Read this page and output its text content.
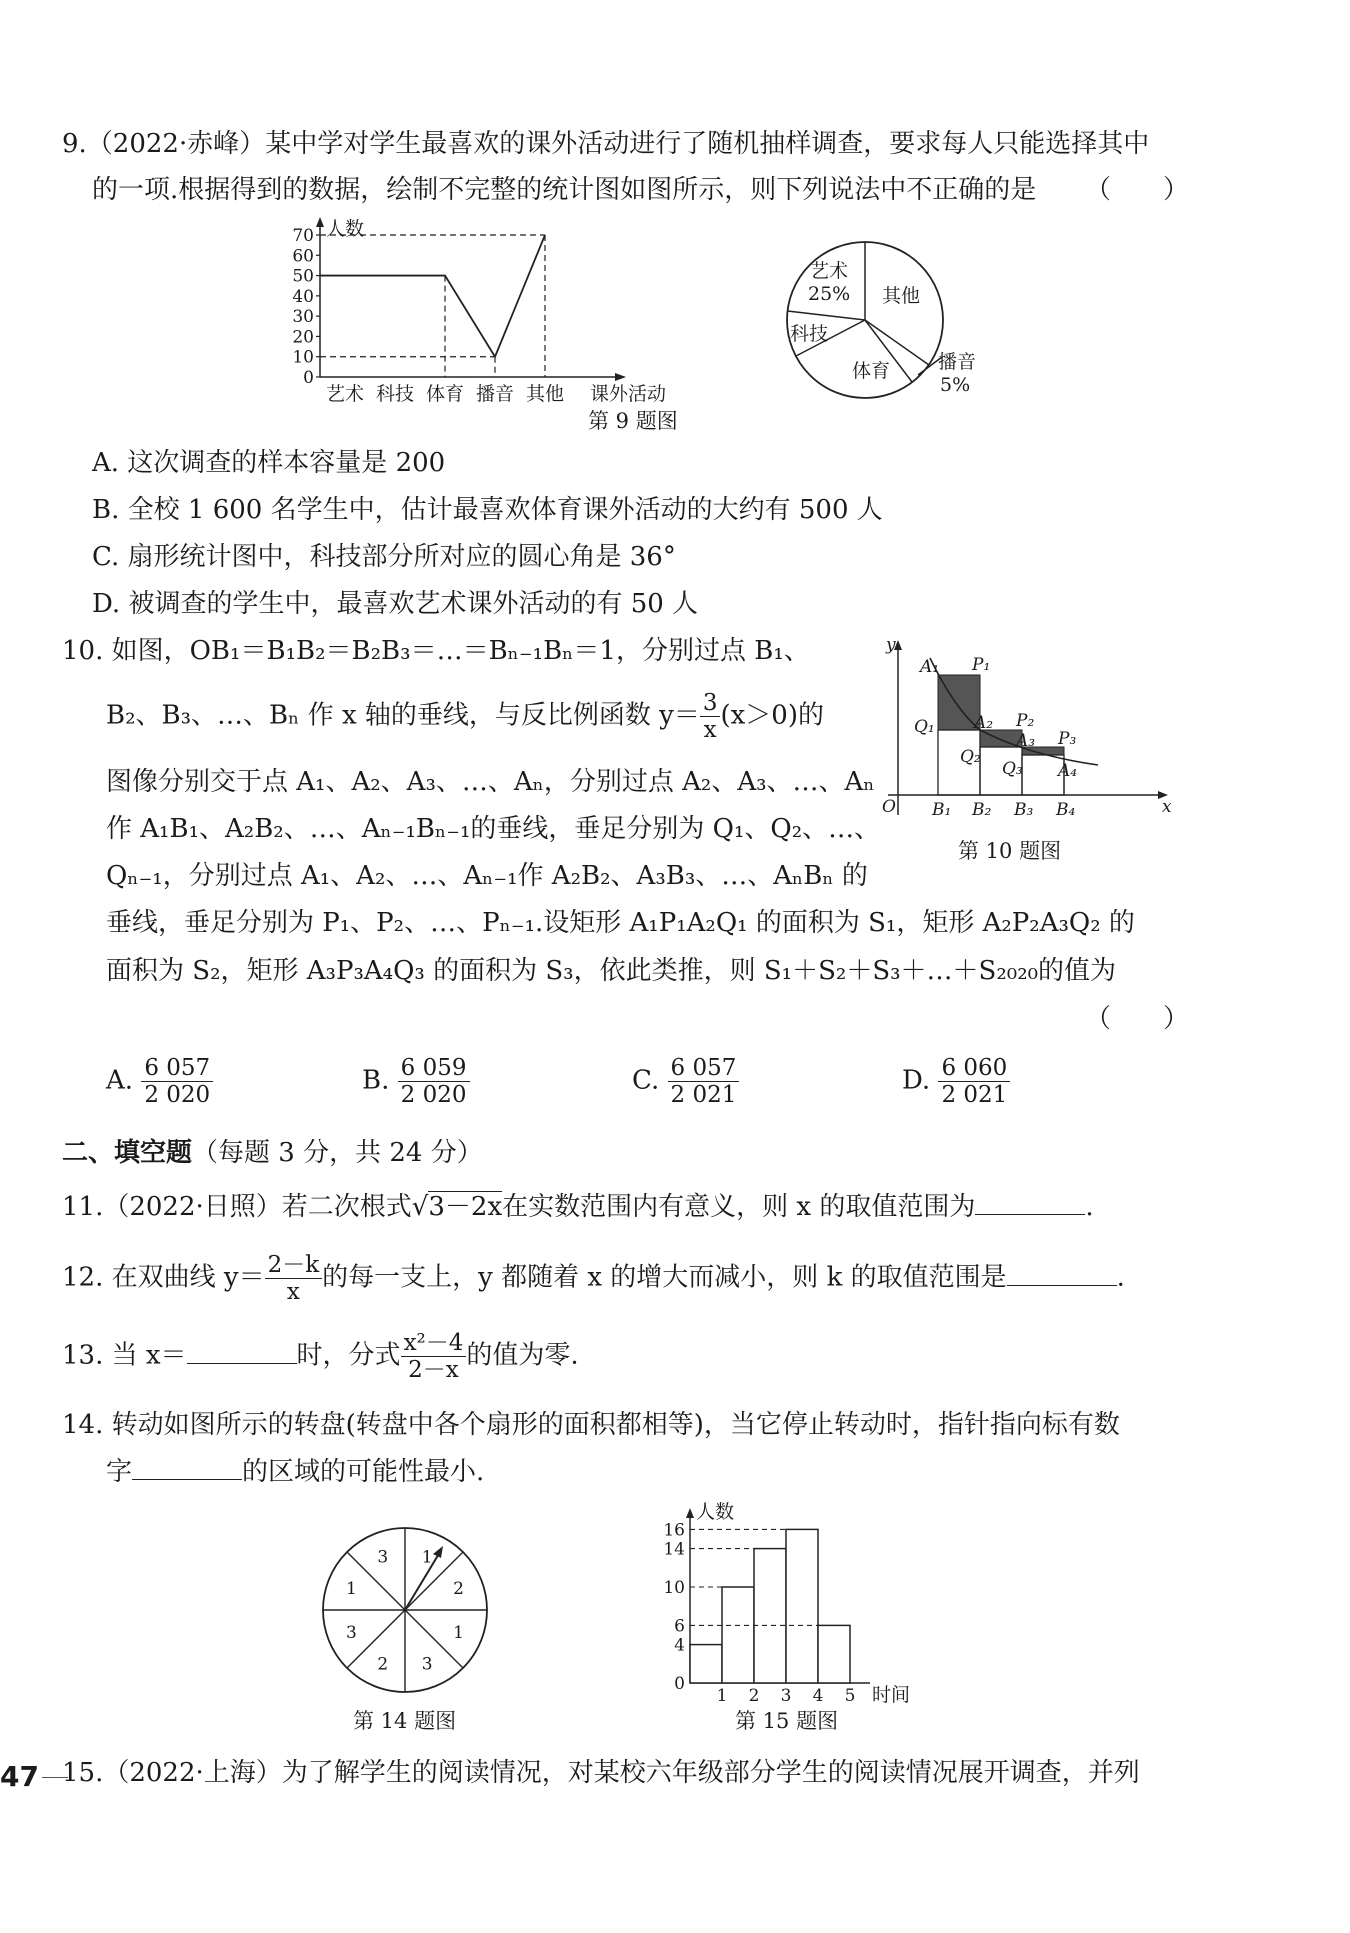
9.（2022·赤峰）某中学对学生最喜欢的课外活动进行了随机抽样调查，要求每人只能选择其中
的一项.根据得到的数据，绘制不完整的统计图如图所示，则下列说法中不正确的是 （　　）
0
10
20
30
40
50
60
70 人数
艺术 科技 体育 播音 其他 课外活动
艺术
25% 其他
科技
体育	播音
5%
第 9 题图
A. 这次调查的样本容量是 200
B. 全校 1 600 名学生中，估计最喜欢体育课外活动的大约有 500 人
C. 扇形统计图中，科技部分所对应的圆心角是 36°
D. 被调查的学生中，最喜欢艺术课外活动的有 50 人
10. 如图，OB₁＝B₁B₂＝B₂B₃＝…＝Bₙ₋₁Bₙ＝1，分别过点 B₁、
B₂、B₃、…、Bₙ 作 x 轴的垂线，与反比例函数 $y= \frac{3}{x} (x>0)$的
图像分别交于点 A₁、A₂、A₃、…、Aₙ，分别过点 A₂、A₃、…、Aₙ
作 A₁B₁、A₂B₂、…、Aₙ₋₁Bₙ₋₁的垂线，垂足分别为 Q₁、Q₂、…、
Qₙ₋₁，分别过点 A₁、A₂、…、Aₙ₋₁作 A₂B₂、A₃B₃、…、AₙBₙ 的
垂线，垂足分别为 P₁、P₂、…、Pₙ₋₁.设矩形 A₁P₁A₂Q₁ 的面积为 S₁，矩形 A₂P₂A₃Q₂ 的
面积为 S₂，矩形 A₃P₃A₄Q₃ 的面积为 S₃，依此类推，则 S₁＋S₂＋S₃＋…＋S₂₀₂₀的值为
（　　）
y
x
O
A₁ P₁
Q₁ A₂ P₂
Q₂
A₃ P₃
Q₃ A₄
B₁ B₂ B₃ B₄
第 10 题图
A. $\frac{6 057}{2 020}$	B. $\frac{6 059}{2 020}$	C. $\frac{6 057}{2 021}$	D. $\frac{6 060}{2 021}$
二、填空题（每题 3 分，共 24 分）
11.（2022·日照）若二次根式√3－2x在实数范围内有意义，则 x 的取值范围为	.
12. 在双曲线 $y= \frac{2-k}{x}$ 的每一支上，y 都随着 x 的增大而减小，则 k 的取值范围是	.
13. 当 x＝	时，分式 $\frac{\text{x²－4}}{2-x}$ 的值为零.
14. 转动如图所示的转盘(转盘中各个扇形的面积都相等)，当它停止转动时，指针指向标有数
字	的区域的可能性最小.
3
1
3
2 3
1
2
1
第 14 题图
0
4
6
10
14
16
1 2 3 4 5
人数
时间
第 15 题图
15.（2022·上海）为了解学生的阅读情况，对某校六年级部分学生的阅读情况展开调查，并列
47
